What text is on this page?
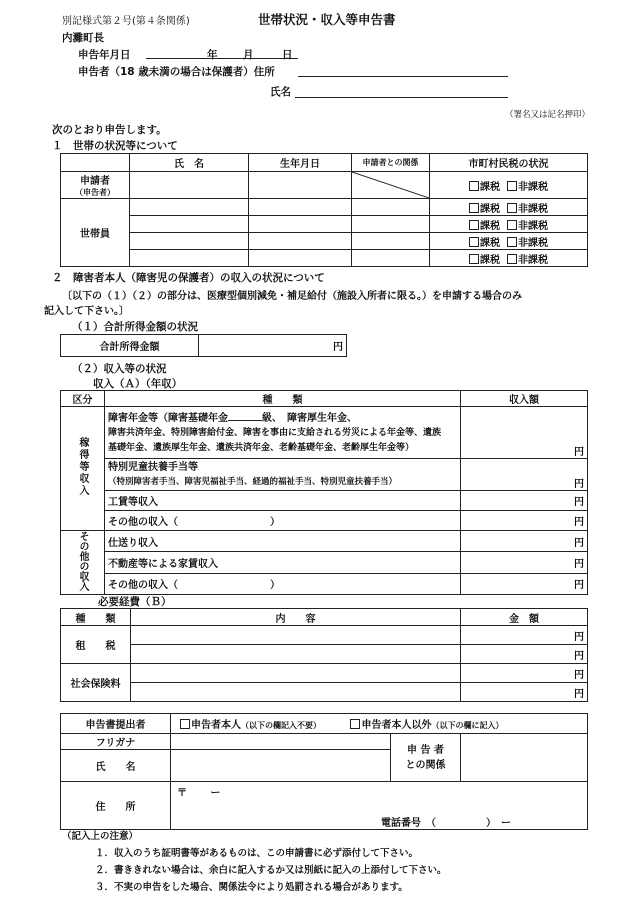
別記様式第２号(第４条関係)	世帯状況・収入等申告書
内灘町長
申告年月日	年 月	日
申告者（18 歳未満の場合は保護者）住所
氏名
（署名又は記名押印）
次のとおり申告します。
１　世帯の状況等について
	氏　名	生年月日	申請者との関係	市町村民税の状況

申請者
（申告者）				課税 非課税
世帯員				課税 非課税
				課税 非課税
				課税 非課税
				課税 非課税
２　障害者本人（障害児の保護者）の収入の状況について
〔以下の（１）（２）の部分は、医療型個別減免・補足給付（施設入所者に限る。）を申請する場合のみ
記入して下さい。〕
（１）合計所得金額の状況
合計所得金額	円
（２）収入等の状況
収入（Ａ）（年収）
区分	種　　類	収入額
稼得等収入	障害年金等（障害基礎年金 級、　障害厚生年金、
障害共済年金、特別障害給付金、障害を事由に支給される労災による年金等、遺族
基礎年金、遺族厚生年金、遺族共済年金、老齢基礎年金、老齢厚生年金等）	円

	特別児童扶養手当等
（特別障害者手当、障害児福祉手当、経過的福祉手当、特別児童扶養手当）	円
	工賃等収入	円
	その他の収入（ ）	円
その他の収入	仕送り収入	円
	不動産等による家賃収入	円
	その他の収入（ ）	円
必要経費（Ｂ）
種　　類	内　　容	金　額
租　　税		円
		円
社会保険料		円
		円
申告書提出者	申告者本人（以下の欄記入不要） 申告者本人以外（以下の欄に記入）		
フリガナ		申 告 者
との関係	

氏　　名			
住　　所	〒　　 ー
電話番号　（　　　　　）　ー		
（記入上の注意）
１．収入のうち証明書等があるものは、この申請書に必ず添付して下さい。
２．書ききれない場合は、余白に記入するか又は別紙に記入の上添付して下さい。
３．不実の申告をした場合、関係法令により処罰される場合があります。
